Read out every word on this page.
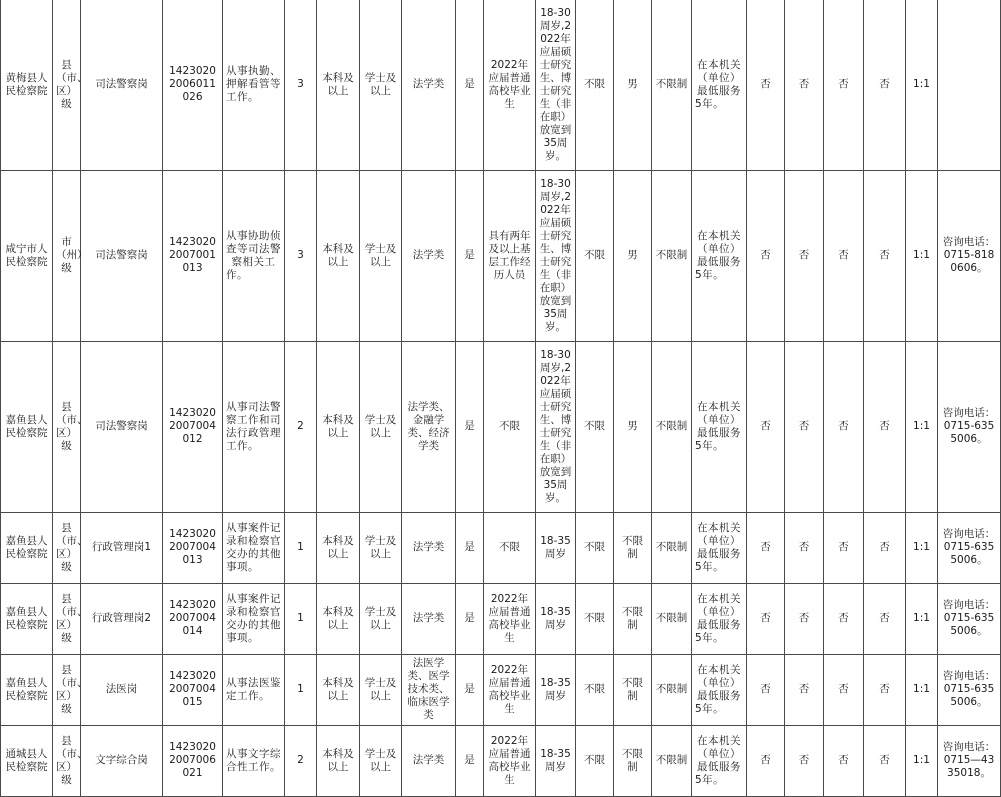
黄梅县人民检察院	县（市、区）级	司法警察岗	14230202006011026	从事执勤、押解看管等工作。	3	本科及以上	学士及以上	法学类	是	2022年应届普通高校毕业生	18-30周岁,2022年应届硕士研究生、博士研究生（非在职）放宽到35周岁。	不限	男	不限制	在本机关（单位）最低服务5年。	否	否	否	否	1:1	
咸宁市人民检察院	市（州）级	司法警察岗	14230202007001013	从事协助侦查等司法警察相关工作。	3	本科及以上	学士及以上	法学类	是	具有两年及以上基层工作经历人员	18-30周岁,2022年应届硕士研究生、博士研究生（非在职）放宽到35周岁。	不限	男	不限制	在本机关（单位）最低服务5年。	否	否	否	否	1:1	咨询电话：0715-8180606。
嘉鱼县人民检察院	县（市、区）级	司法警察岗	14230202007004012	从事司法警察工作和司法行政管理工作。	2	本科及以上	学士及以上	法学类、金融学类、经济学类	是	不限	18-30周岁,2022年应届硕士研究生、博士研究生（非在职）放宽到35周岁。	不限	男	不限制	在本机关（单位）最低服务5年。	否	否	否	否	1:1	咨询电话：0715-6355006。
嘉鱼县人民检察院	县（市、区）级	行政管理岗1	14230202007004013	从事案件记录和检察官交办的其他事项。	1	本科及以上	学士及以上	法学类	是	不限	18-35周岁	不限	不限制	不限制	在本机关（单位）最低服务5年。	否	否	否	否	1:1	咨询电话：0715-6355006。
嘉鱼县人民检察院	县（市、区）级	行政管理岗2	14230202007004014	从事案件记录和检察官交办的其他事项。	1	本科及以上	学士及以上	法学类	是	2022年应届普通高校毕业生	18-35周岁	不限	不限制	不限制	在本机关（单位）最低服务5年。	否	否	否	否	1:1	咨询电话：0715-6355006。
嘉鱼县人民检察院	县（市、区）级	法医岗	14230202007004015	从事法医鉴定工作。	1	本科及以上	学士及以上	法医学类、医学技术类、临床医学类	是	2022年应届普通高校毕业生	18-35周岁	不限	不限制	不限制	在本机关（单位）最低服务5年。	否	否	否	否	1:1	咨询电话：0715-6355006。
通城县人民检察院	县（市、区）级	文字综合岗	14230202007006021	从事文字综合性工作。	2	本科及以上	学士及以上	法学类	是	2022年应届普通高校毕业生	18-35周岁	不限	不限制	不限制	在本机关（单位）最低服务5年。	否	否	否	否	1:1	咨询电话：0715—4335018。
